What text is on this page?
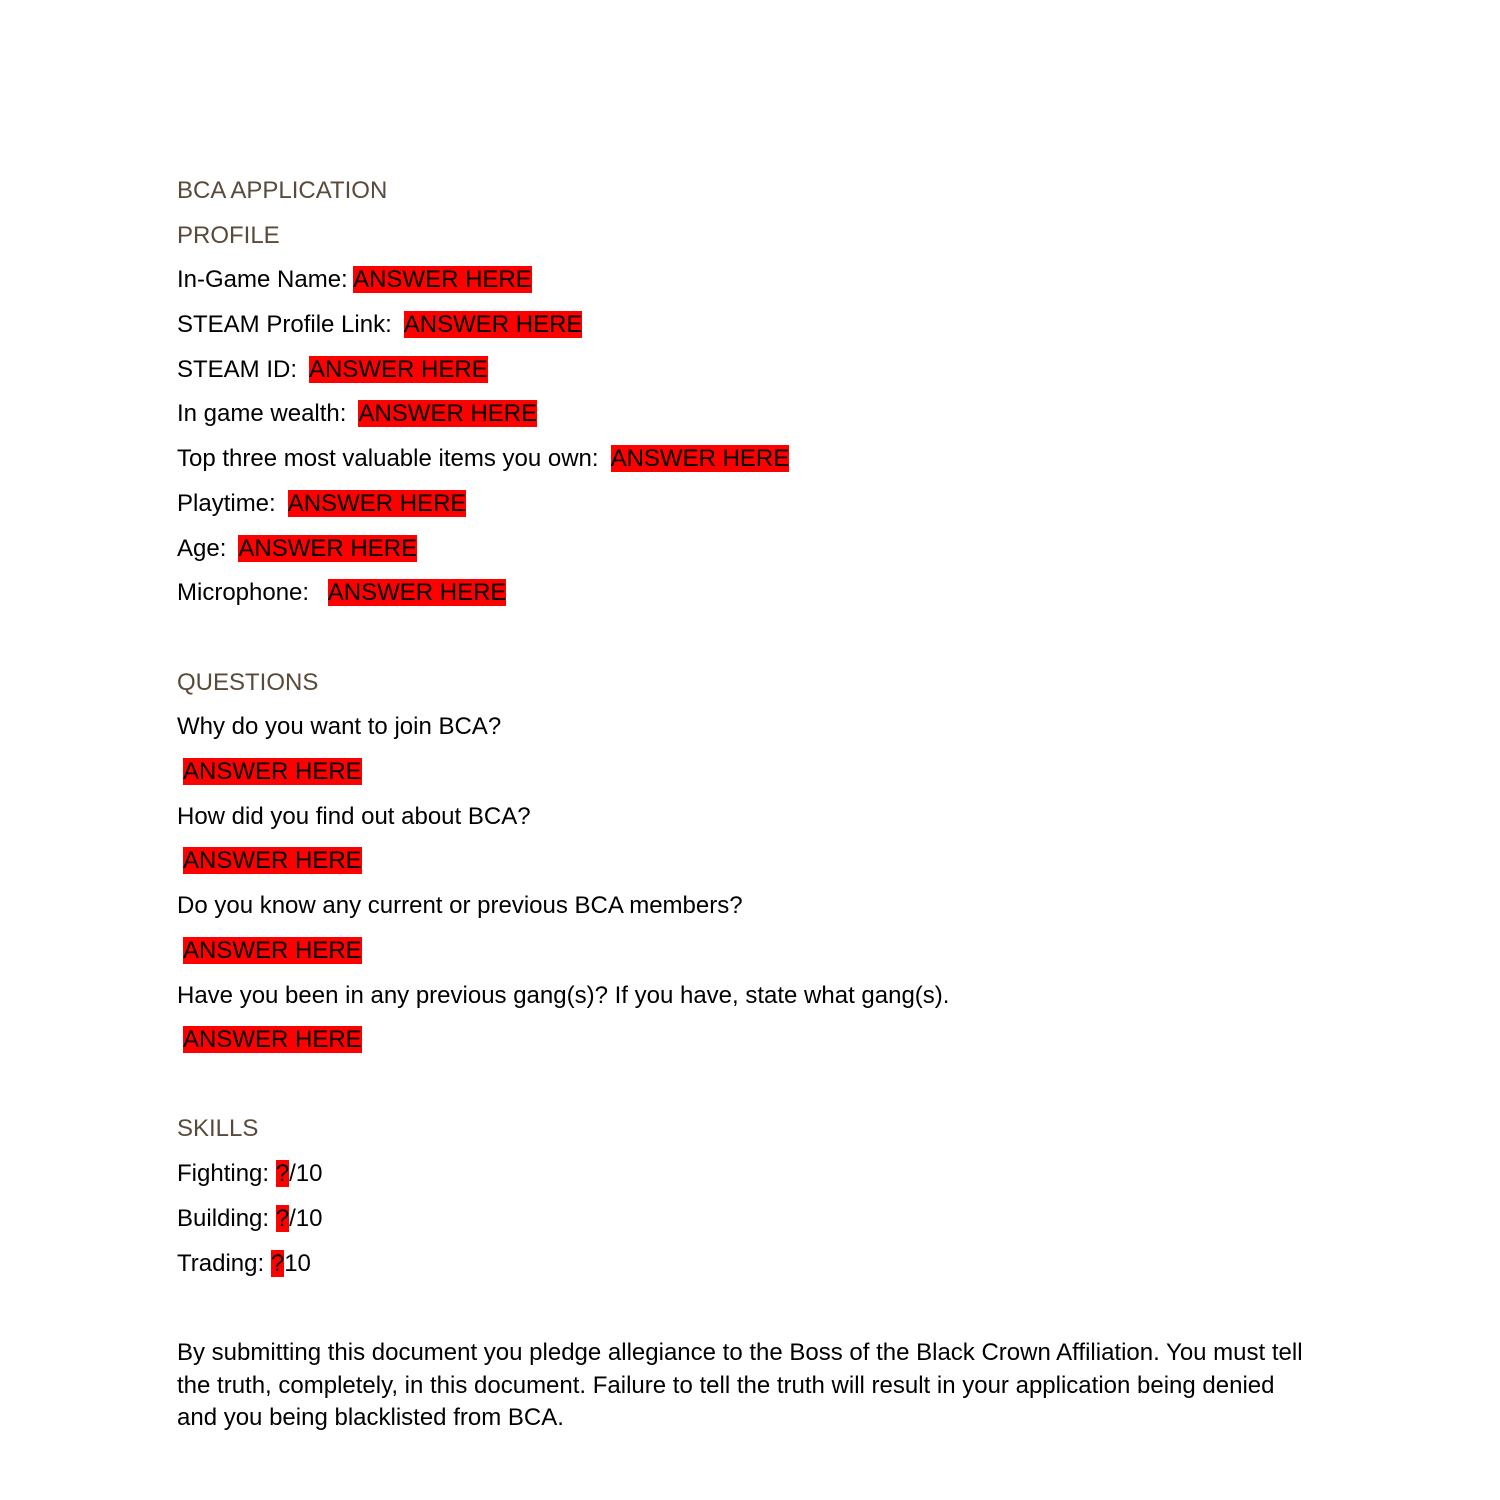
BCA APPLICATION
PROFILE
In-Game Name: ANSWER HERE
STEAM Profile Link:  ANSWER HERE
STEAM ID:  ANSWER HERE
In game wealth:  ANSWER HERE
Top three most valuable items you own:  ANSWER HERE
Playtime:  ANSWER HERE
Age:  ANSWER HERE
Microphone:   ANSWER HERE
QUESTIONS
Why do you want to join BCA?
ANSWER HERE
How did you find out about BCA?
ANSWER HERE
Do you know any current or previous BCA members?
ANSWER HERE
Have you been in any previous gang(s)? If you have, state what gang(s).
ANSWER HERE
SKILLS
Fighting: ?/10
Building: ?/10
Trading: ?10
By submitting this document you pledge allegiance to the Boss of the Black Crown Affiliation. You must tell the truth, completely, in this document. Failure to tell the truth will result in your application being denied and you being blacklisted from BCA.
